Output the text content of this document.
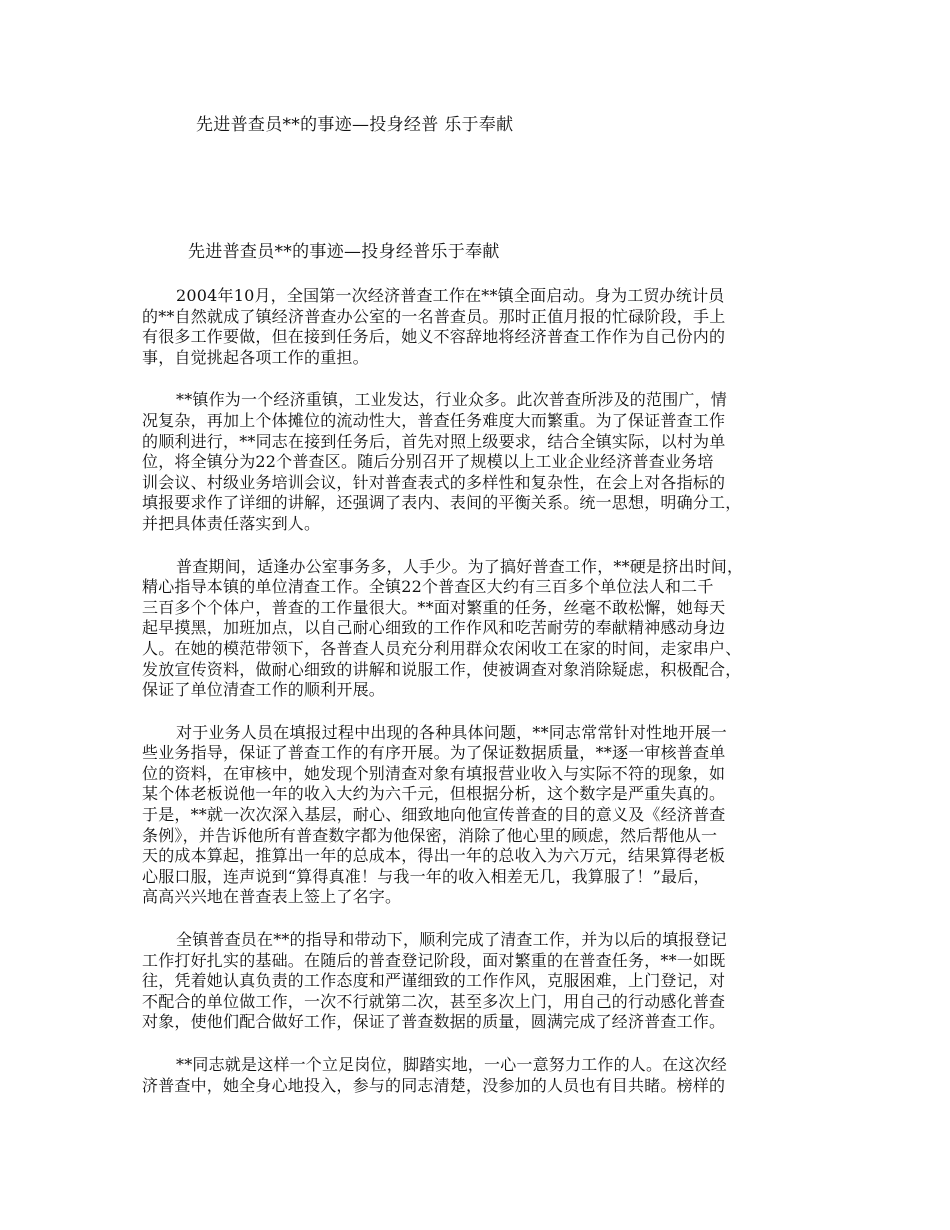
先进普查员**的事迹—投身经普 乐于奉献
先进普查员**的事迹—投身经普乐于奉献
2004年10月，全国第一次经济普查工作在**镇全面启动。身为工贸办统计员
的**自然就成了镇经济普查办公室的一名普查员。那时正值月报的忙碌阶段，手上
有很多工作要做，但在接到任务后，她义不容辞地将经济普查工作作为自己份内的
事，自觉挑起各项工作的重担。
**镇作为一个经济重镇，工业发达，行业众多。此次普查所涉及的范围广，情
况复杂，再加上个体摊位的流动性大，普查任务难度大而繁重。为了保证普查工作
的顺利进行，**同志在接到任务后，首先对照上级要求，结合全镇实际，以村为单
位，将全镇分为22个普查区。随后分别召开了规模以上工业企业经济普查业务培
训会议、村级业务培训会议，针对普查表式的多样性和复杂性，在会上对各指标的
填报要求作了详细的讲解，还强调了表内、表间的平衡关系。统一思想，明确分工，
并把具体责任落实到人。
普查期间，适逢办公室事务多，人手少。为了搞好普查工作，**硬是挤出时间，
精心指导本镇的单位清查工作。全镇22个普查区大约有三百多个单位法人和二千
三百多个个体户，普查的工作量很大。**面对繁重的任务，丝毫不敢松懈，她每天
起早摸黑，加班加点，以自己耐心细致的工作作风和吃苦耐劳的奉献精神感动身边
人。在她的模范带领下，各普查人员充分利用群众农闲收工在家的时间，走家串户、
发放宣传资料，做耐心细致的讲解和说服工作，使被调查对象消除疑虑，积极配合，
保证了单位清查工作的顺利开展。
对于业务人员在填报过程中出现的各种具体问题，**同志常常针对性地开展一
些业务指导，保证了普查工作的有序开展。为了保证数据质量，**逐一审核普查单
位的资料，在审核中，她发现个别清查对象有填报营业收入与实际不符的现象，如
某个体老板说他一年的收入大约为六千元，但根据分析，这个数字是严重失真的。
于是，**就一次次深入基层，耐心、细致地向他宣传普查的目的意义及《经济普查
条例》，并告诉他所有普查数字都为他保密，消除了他心里的顾虑，然后帮他从一
天的成本算起，推算出一年的总成本，得出一年的总收入为六万元，结果算得老板
心服口服，连声说到“算得真准！与我一年的收入相差无几，我算服了！”最后，
高高兴兴地在普查表上签上了名字。
全镇普查员在**的指导和带动下，顺利完成了清查工作，并为以后的填报登记
工作打好扎实的基础。在随后的普查登记阶段，面对繁重的在普查任务，**一如既
往，凭着她认真负责的工作态度和严谨细致的工作作风，克服困难，上门登记，对
不配合的单位做工作，一次不行就第二次，甚至多次上门，用自己的行动感化普查
对象，使他们配合做好工作，保证了普查数据的质量，圆满完成了经济普查工作。
**同志就是这样一个立足岗位，脚踏实地，一心一意努力工作的人。在这次经
济普查中，她全身心地投入，参与的同志清楚，没参加的人员也有目共睹。榜样的
